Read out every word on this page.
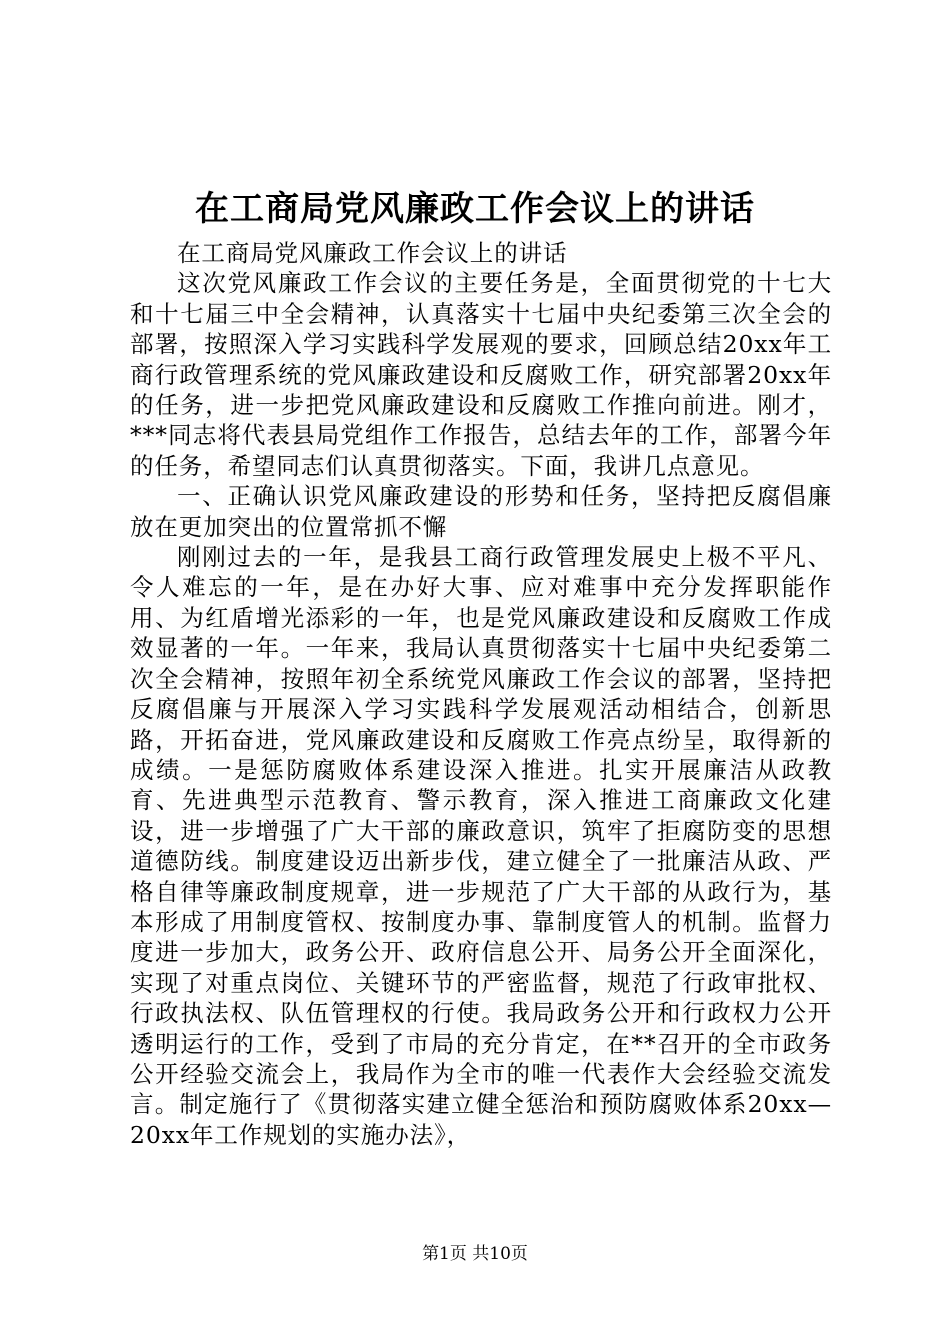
在工商局党风廉政工作会议上的讲话

在工商局党风廉政工作会议上的讲话

这次党风廉政工作会议的主要任务是，全面贯彻党的十七大和十七届三中全会精神，认真落实十七届中央纪委第三次全会的部署，按照深入学习实践科学发展观的要求，回顾总结20xx年工商行政管理系统的党风廉政建设和反腐败工作，研究部署20xx年的任务，进一步把党风廉政建设和反腐败工作推向前进。刚才，***同志将代表县局党组作工作报告，总结去年的工作，部署今年的任务，希望同志们认真贯彻落实。下面，我讲几点意见。

一、正确认识党风廉政建设的形势和任务，坚持把反腐倡廉放在更加突出的位置常抓不懈

刚刚过去的一年，是我县工商行政管理发展史上极不平凡、令人难忘的一年，是在办好大事、应对难事中充分发挥职能作用、为红盾增光添彩的一年，也是党风廉政建设和反腐败工作成效显著的一年。一年来，我局认真贯彻落实十七届中央纪委第二次全会精神，按照年初全系统党风廉政工作会议的部署，坚持把反腐倡廉与开展深入学习实践科学发展观活动相结合，创新思路，开拓奋进，党风廉政建设和反腐败工作亮点纷呈，取得新的成绩。一是惩防腐败体系建设深入推进。扎实开展廉洁从政教育、先进典型示范教育、警示教育，深入推进工商廉政文化建设，进一步增强了广大干部的廉政意识，筑牢了拒腐防变的思想道德防线。制度建设迈出新步伐，建立健全了一批廉洁从政、严格自律等廉政制度规章，进一步规范了广大干部的从政行为，基本形成了用制度管权、按制度办事、靠制度管人的机制。监督力度进一步加大，政务公开、政府信息公开、局务公开全面深化，实现了对重点岗位、关键环节的严密监督，规范了行政审批权、行政执法权、队伍管理权的行使。我局政务公开和行政权力公开透明运行的工作，受到了市局的充分肯定，在**召开的全市政务公开经验交流会上，我局作为全市的唯一代表作大会经验交流发言。制定施行了《贯彻落实建立健全惩治和预防腐败体系20xx—20xx年工作规划的实施办法》，

第1页 共10页
